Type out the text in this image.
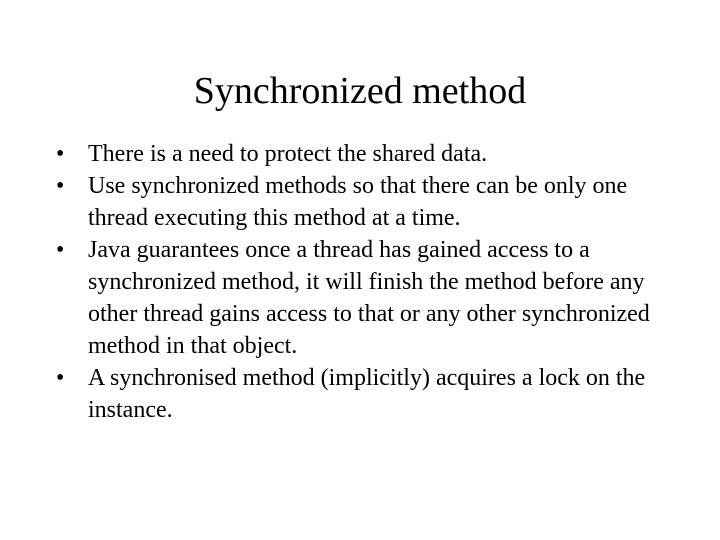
Synchronized method
• There is a need to protect the shared data.
• Use synchronized methods so that there can be only one thread executing this method at a time.
• Java guarantees once a thread has gained access to a synchronized method, it will finish the method before any other thread gains access to that or any other synchronized method in that object.
• A synchronised method (implicitly) acquires a lock on the instance.
